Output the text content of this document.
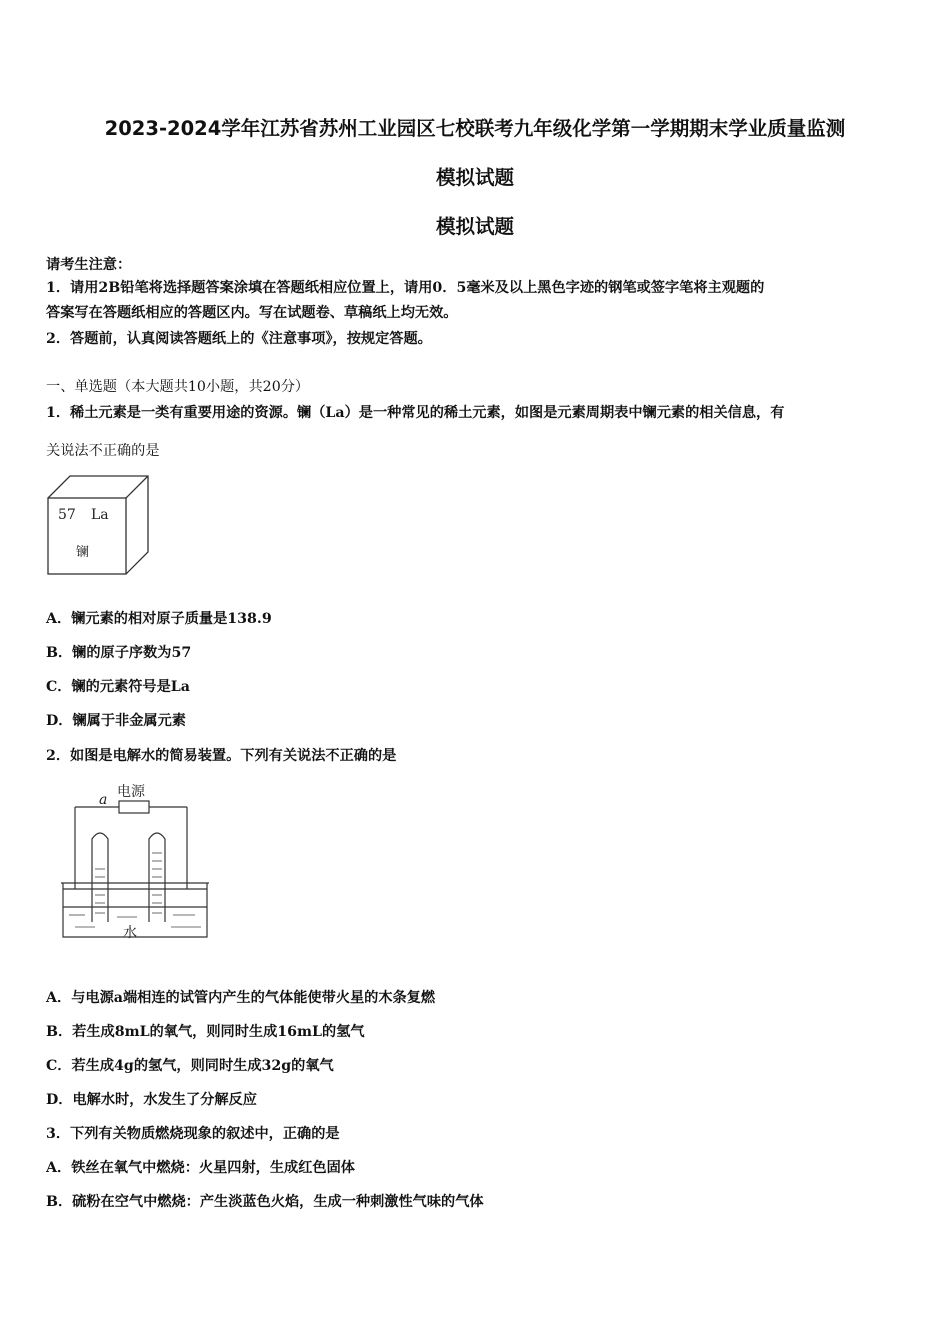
2023-2024学年江苏省苏州工业园区七校联考九年级化学第一学期期末学业质量监测
模拟试题
模拟试题
请考生注意：
1．请用2B铅笔将选择题答案涂填在答题纸相应位置上，请用0．5毫米及以上黑色字迹的钢笔或签字笔将主观题的
答案写在答题纸相应的答题区内。写在试题卷、草稿纸上均无效。
2．答题前，认真阅读答题纸上的《注意事项》，按规定答题。
一、单选题（本大题共10小题，共20分）
1．稀土元素是一类有重要用途的资源。镧（La）是一种常见的稀土元素，如图是元素周期表中镧元素的相关信息，有
关说法不正确的是
57 La
镧
A．镧元素的相对原子质量是138.9
B．镧的原子序数为57
C．镧的元素符号是La
D．镧属于非金属元素
2．如图是电解水的简易装置。下列有关说法不正确的是
a 电源
水
A．与电源a端相连的试管内产生的气体能使带火星的木条复燃
B．若生成8mL的氧气，则同时生成16mL的氢气
C．若生成4g的氢气，则同时生成32g的氧气
D．电解水时，水发生了分解反应
3．下列有关物质燃烧现象的叙述中，正确的是
A．铁丝在氧气中燃烧：火星四射，生成红色固体
B．硫粉在空气中燃烧：产生淡蓝色火焰，生成一种刺激性气味的气体
